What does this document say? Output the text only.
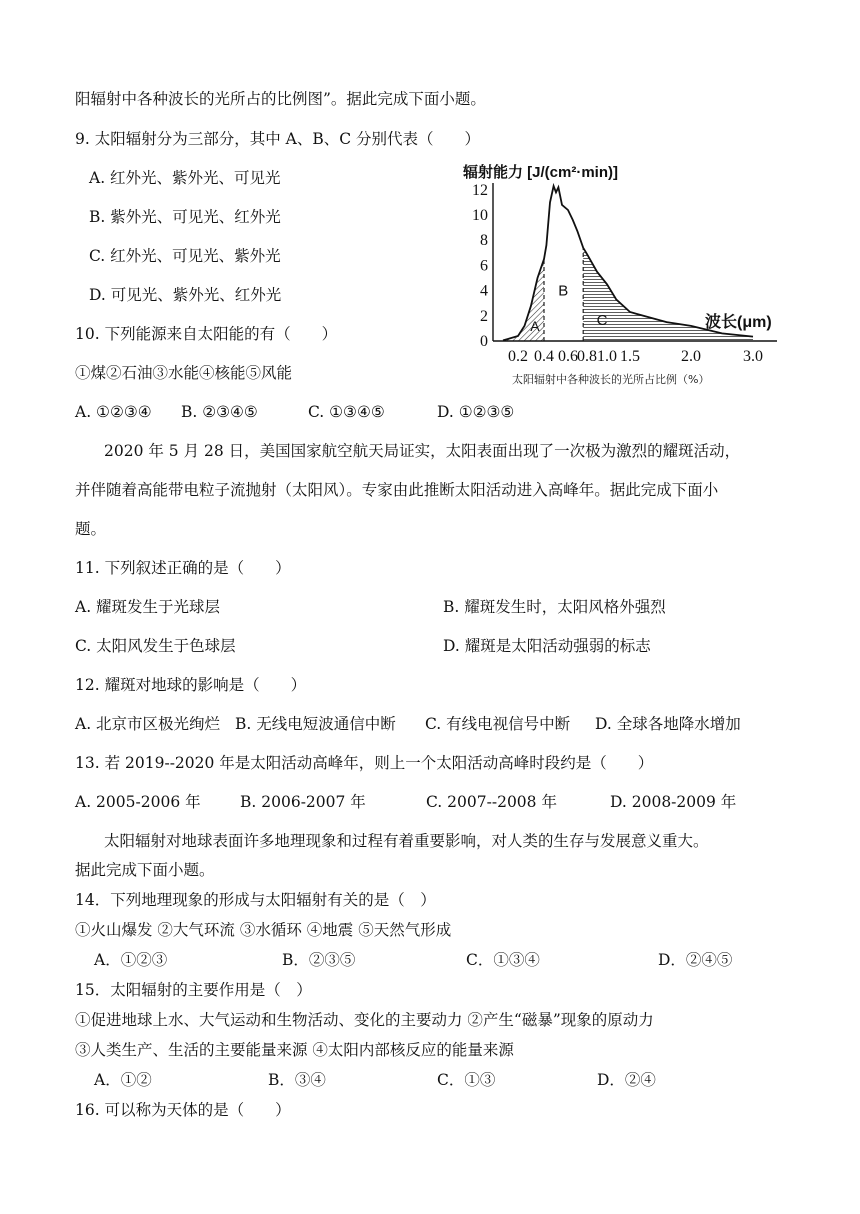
阳辐射中各种波长的光所占的比例图”。据此完成下面小题。
9. 太阳辐射分为三部分，其中 A、B、C 分别代表（　　）
A. 红外光、紫外光、可见光
B. 紫外光、可见光、红外光
C. 红外光、可见光、紫外光
D. 可见光、紫外光、红外光
10. 下列能源来自太阳能的有（　　）
①煤②石油③水能④核能⑤风能
A. ①②③④ B. ②③④⑤	C. ①③④⑤	D. ①②③⑤
辐射能力 [J/(cm²·min)]
12
10
8
6
4
2
0
0.2 0.4 0.6 0.8 1.0 1.5	2.0	3.0
A
B
C	波长(μm)
太阳辐射中各种波长的光所占比例（%）
2020 年 5 月 28 日，美国国家航空航天局证实，太阳表面出现了一次极为激烈的耀斑活动，
并伴随着高能带电粒子流抛射（太阳风）。专家由此推断太阳活动进入高峰年。据此完成下面小
题。
11. 下列叙述正确的是（　　）
A. 耀斑发生于光球层	B. 耀斑发生时，太阳风格外强烈
C. 太阳风发生于色球层	D. 耀斑是太阳活动强弱的标志
12. 耀斑对地球的影响是（　　）
A. 北京市区极光绚烂 B. 无线电短波通信中断 C. 有线电视信号中断 D. 全球各地降水增加
13. 若 2019--2020 年是太阳活动高峰年，则上一个太阳活动高峰时段约是（　　）
A. 2005-2006 年	B. 2006-2007 年	C. 2007--2008 年	D. 2008-2009 年
太阳辐射对地球表面许多地理现象和过程有着重要影响，对人类的生存与发展意义重大。
据此完成下面小题。
14．下列地理现象的形成与太阳辐射有关的是（　）
①火山爆发 ②大气环流 ③水循环 ④地震 ⑤天然气形成
A．①②③	B．②③⑤	C．①③④	D．②④⑤
15．太阳辐射的主要作用是（　）
①促进地球上水、大气运动和生物活动、变化的主要动力 ②产生“磁暴”现象的原动力
③人类生产、生活的主要能量来源 ④太阳内部核反应的能量来源
A．①②	B．③④	C．①③	D．②④
16. 可以称为天体的是（　　）
